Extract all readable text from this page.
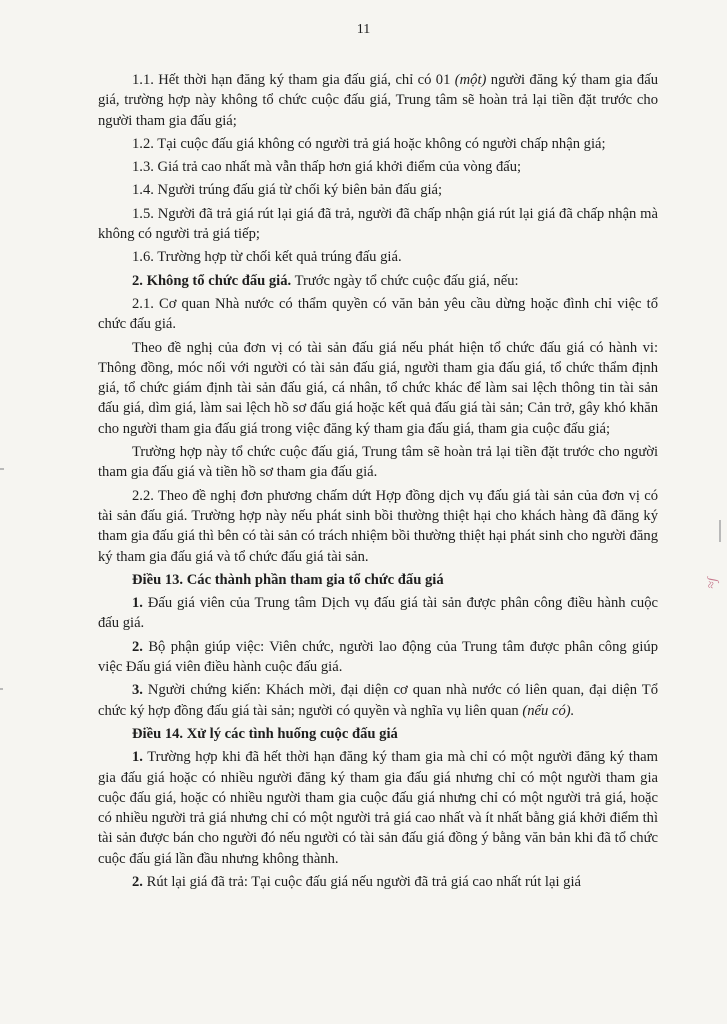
11
≈∫

1.1. Hết thời hạn đăng ký tham gia đấu giá, chỉ có 01 (một) người đăng ký tham gia đấu giá, trường hợp này không tổ chức cuộc đấu giá, Trung tâm sẽ hoàn trả lại tiền đặt trước cho người tham gia đấu giá;

1.2. Tại cuộc đấu giá không có người trả giá hoặc không có người chấp nhận giá;

1.3. Giá trả cao nhất mà vẫn thấp hơn giá khởi điểm của vòng đấu;

1.4. Người trúng đấu giá từ chối ký biên bản đấu giá;

1.5. Người đã trả giá rút lại giá đã trả, người đã chấp nhận giá rút lại giá đã chấp nhận mà không có người trả giá tiếp;

1.6. Trường hợp từ chối kết quả trúng đấu giá.

2. Không tổ chức đấu giá. Trước ngày tổ chức cuộc đấu giá, nếu:

2.1. Cơ quan Nhà nước có thẩm quyền có văn bản yêu cầu dừng hoặc đình chỉ việc tổ chức đấu giá.

Theo đề nghị của đơn vị có tài sản đấu giá nếu phát hiện tổ chức đấu giá có hành vi: Thông đồng, móc nối với người có tài sản đấu giá, người tham gia đấu giá, tổ chức thẩm định giá, tổ chức giám định tài sản đấu giá, cá nhân, tổ chức khác để làm sai lệch thông tin tài sản đấu giá, dìm giá, làm sai lệch hồ sơ đấu giá hoặc kết quả đấu giá tài sản; Cản trở, gây khó khăn cho người tham gia đấu giá trong việc đăng ký tham gia đấu giá, tham gia cuộc đấu giá;

Trường hợp này tổ chức cuộc đấu giá, Trung tâm sẽ hoàn trả lại tiền đặt trước cho người tham gia đấu giá và tiền hồ sơ tham gia đấu giá.

2.2. Theo đề nghị đơn phương chấm dứt Hợp đồng dịch vụ đấu giá tài sản của đơn vị có tài sản đấu giá. Trường hợp này nếu phát sinh bồi thường thiệt hại cho khách hàng đã đăng ký tham gia đấu giá thì bên có tài sản có trách nhiệm bồi thường thiệt hại phát sinh cho người đăng ký tham gia đấu giá và tổ chức đấu giá tài sản.

Điều 13. Các thành phần tham gia tổ chức đấu giá

1. Đấu giá viên của Trung tâm Dịch vụ đấu giá tài sản được phân công điều hành cuộc đấu giá.

2. Bộ phận giúp việc: Viên chức, người lao động của Trung tâm được phân công giúp việc Đấu giá viên điều hành cuộc đấu giá.

3. Người chứng kiến: Khách mời, đại diện cơ quan nhà nước có liên quan, đại diện Tổ chức ký hợp đồng đấu giá tài sản; người có quyền và nghĩa vụ liên quan (nếu có).

Điều 14. Xử lý các tình huống cuộc đấu giá

1. Trường hợp khi đã hết thời hạn đăng ký tham gia mà chỉ có một người đăng ký tham gia đấu giá hoặc có nhiều người đăng ký tham gia đấu giá nhưng chỉ có một người tham gia cuộc đấu giá, hoặc có nhiều người tham gia cuộc đấu giá nhưng chỉ có một người trả giá, hoặc có nhiều người trả giá nhưng chỉ có một người trả giá cao nhất và ít nhất bằng giá khởi điểm thì tài sản được bán cho người đó nếu người có tài sản đấu giá đồng ý bằng văn bản khi đã tổ chức cuộc đấu giá lần đầu nhưng không thành.

2. Rút lại giá đã trả: Tại cuộc đấu giá nếu người đã trả giá cao nhất rút lại giá
